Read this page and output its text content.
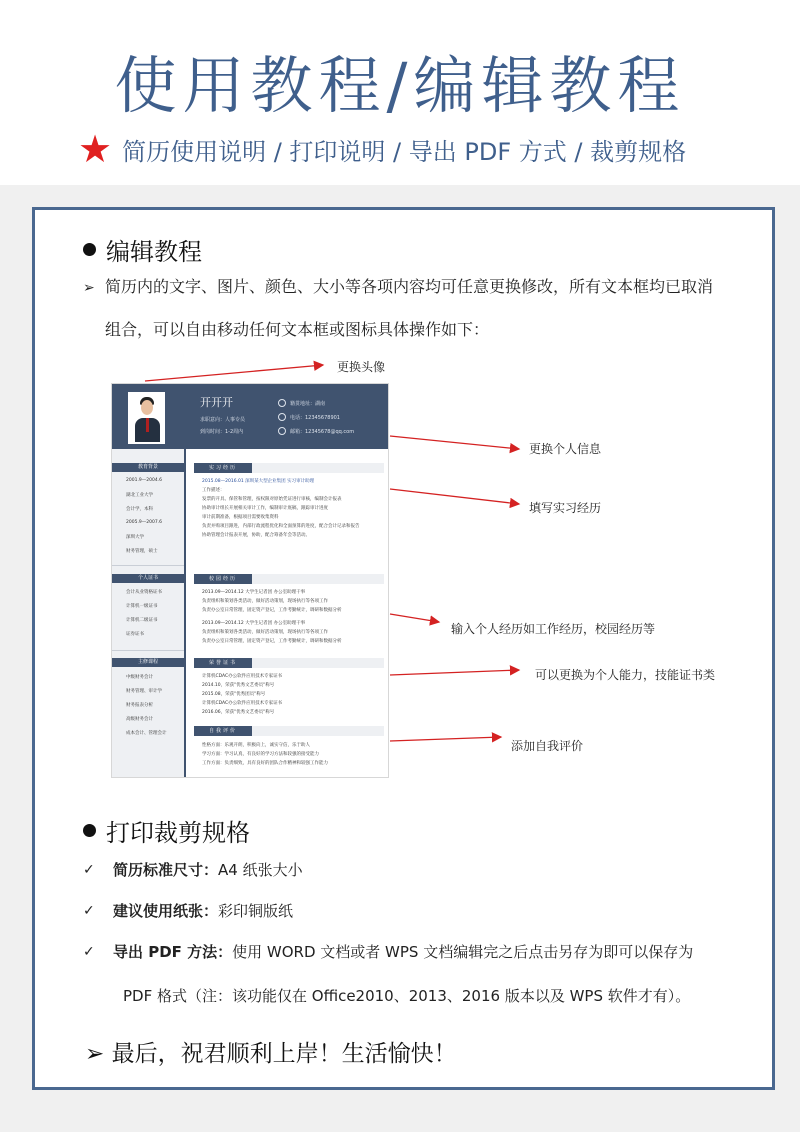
使用教程/编辑教程
★ 简历使用说明 / 打印说明 / 导出 PDF 方式 / 裁剪规格
编辑教程
➢ 简历内的文字、图片、颜色、大小等各项内容均可任意更换修改，所有文本框均已取消
组合，可以自由移动任何文本框或图标具体操作如下：
开开开
求职意向：人事专员
到岗时间：1-2周内
籍贯地址：湖南
电话：12345678901
邮箱：12345678@qq.com
教育背景
2001.9—2004.6
湖北工业大学
会计学，本科
2005.9—2007.6
深圳大学
财务管理，硕士
个人证书
会计从业资格证书
计算机一级证书
计算机二级证书
证券证书
主修课程
中级财务会计
财务管理、审计学
财务报表分析
高级财务会计
成本会计、管理会计
实习经历
2015.08—2016.01 深圳某大型企业集团 实习审计助理
工作描述：
发票的开具、保管和管理，按权限对原始凭证进行审核，编制会计报表
协助审计组长开展相关审计工作，编制审计底稿，跟踪审计进度
审计前期准备，根据项目需要收集资料
负责并购项目跟进，内部行政流程优化和全面预算的进度，配合会计记录和报告
协助管理会计报表开展，协助，配合筹备年会等活动。
校园经历
2013.09—2014.12 大学生记者团 办公室助理干事
负责组织和策划各类活动，做好活动策划，现场执行等各项工作
负责办公室日常管理，固定资产登记，工作考勤统计，调研和数据分析
2013.09—2014.12 大学生记者团 办公室助理干事
负责组织和策划各类活动，做好活动策划，现场执行等各项工作
负责办公室日常管理，固定资产登记，工作考勤统计，调研和数据分析
荣誉证书
计算机CDAC办公软件应用技术专家证书
2014.10，荣获"优秀文艺委员"称号
2015.08，荣获"优秀团员"称号
计算机CDAC办公软件应用技术专家证书
2016.06，荣获"优秀文艺委员"称号
自我评价
性格方面：乐观开朗，积极向上，诚实守信，乐于助人
学习方面：学习认真，有良好的学习方法和较强的接受能力
工作方面：负责细致，具有良好的团队合作精神和较强工作能力
更换头像
更换个人信息
填写实习经历
输入个人经历如工作经历，校园经历等
可以更换为个人能力，技能证书类
添加自我评价
打印裁剪规格
✓	简历标准尺寸： A4 纸张大小
✓	建议使用纸张： 彩印铜版纸
✓	导出 PDF 方法： 使用 WORD 文档或者 WPS 文档编辑完之后点击另存为即可以保存为
PDF 格式（注：该功能仅在 Office2010、2013、2016 版本以及 WPS 软件才有）。
➢ 最后，祝君顺利上岸！生活愉快！
